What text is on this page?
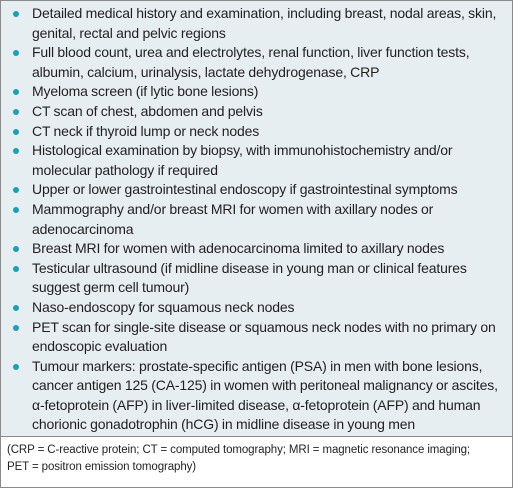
Detailed medical history and examination, including breast, nodal areas, skin, genital, rectal and pelvic regions
Full blood count, urea and electrolytes, renal function, liver function tests, albumin, calcium, urinalysis, lactate dehydrogenase, CRP
Myeloma screen (if lytic bone lesions)
CT scan of chest, abdomen and pelvis
CT neck if thyroid lump or neck nodes
Histological examination by biopsy, with immunohistochemistry and/or molecular pathology if required
Upper or lower gastrointestinal endoscopy if gastrointestinal symptoms
Mammography and/or breast MRI for women with axillary nodes or adenocarcinoma
Breast MRI for women with adenocarcinoma limited to axillary nodes
Testicular ultrasound (if midline disease in young man or clinical features suggest germ cell tumour)
Naso-endoscopy for squamous neck nodes
PET scan for single-site disease or squamous neck nodes with no primary on endoscopic evaluation
Tumour markers: prostate-specific antigen (PSA) in men with bone lesions, cancer antigen 125 (CA-125) in women with peritoneal malignancy or ascites, α-fetoprotein (AFP) in liver-limited disease, α-fetoprotein (AFP) and human chorionic gonadotrophin (hCG) in midline disease in young men
(CRP = C-reactive protein; CT = computed tomography; MRI = magnetic resonance imaging;
PET = positron emission tomography)
